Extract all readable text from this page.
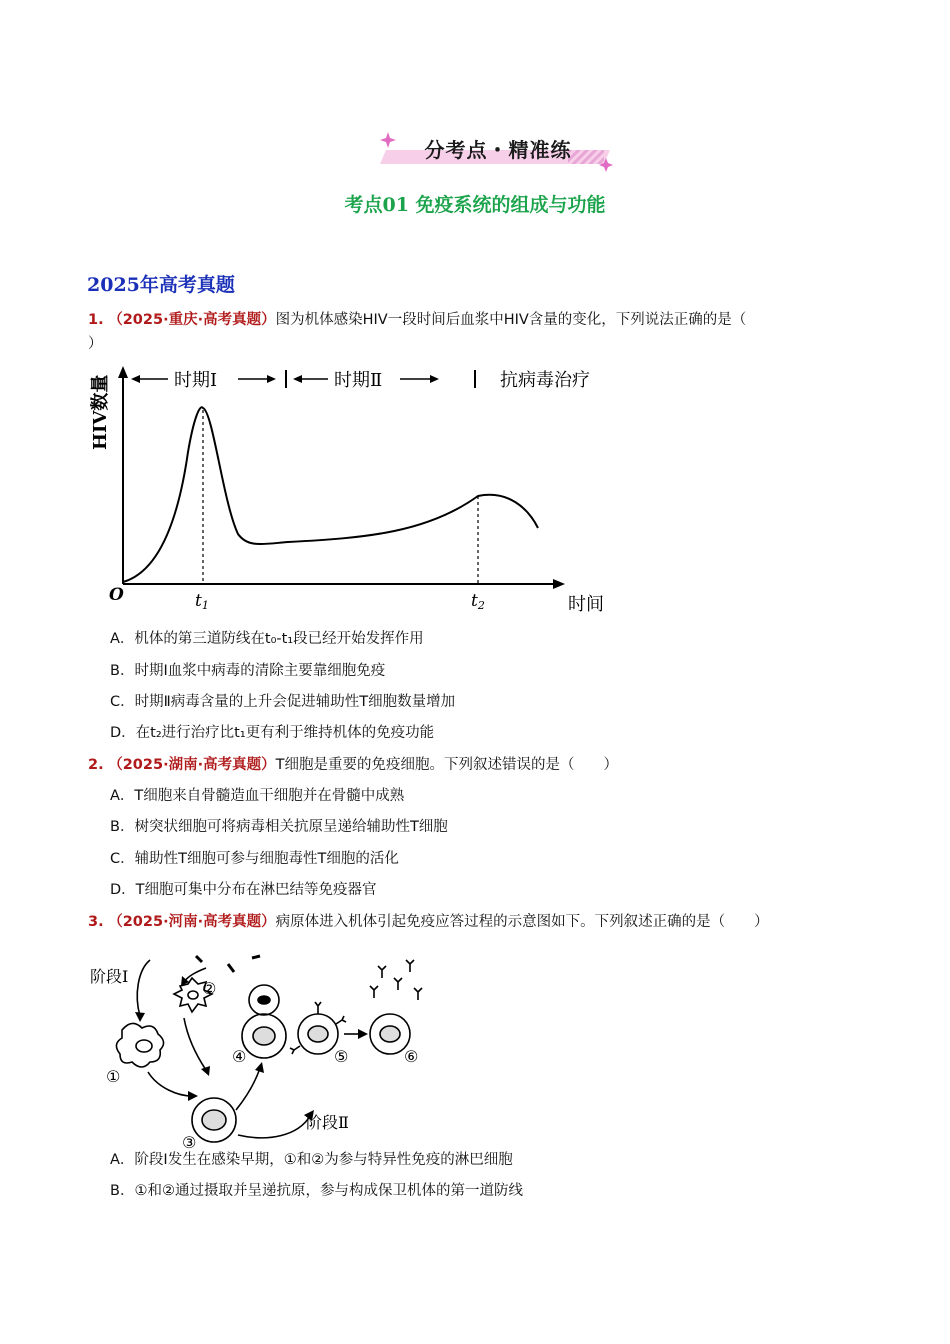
分考点・精准练
考点01 免疫系统的组成与功能
2025年高考真题
1. （2025·重庆·高考真题）图为机体感染HIV一段时间后血浆中HIV含量的变化，下列说法正确的是（
）
时期Ⅰ	时期Ⅱ	抗病毒治疗
HIV数量
O	t1	t2	时间
A．机体的第三道防线在t₀-t₁段已经开始发挥作用
B．时期Ⅰ血浆中病毒的清除主要靠细胞免疫
C．时期Ⅱ病毒含量的上升会促进辅助性T细胞数量增加
D．在t₂进行治疗比t₁更有利于维持机体的免疫功能
2. （2025·湖南·高考真题）T细胞是重要的免疫细胞。下列叙述错误的是（　　）
A．T细胞来自骨髓造血干细胞并在骨髓中成熟
B．树突状细胞可将病毒相关抗原呈递给辅助性T细胞
C．辅助性T细胞可参与细胞毒性T细胞的活化
D．T细胞可集中分布在淋巴结等免疫器官
3. （2025·河南·高考真题）病原体进入机体引起免疫应答过程的示意图如下。下列叙述正确的是（　　）
阶段Ⅰ
阶段Ⅱ
①
②
③
④	⑤	⑥
A．阶段Ⅰ发生在感染早期，①和②为参与特异性免疫的淋巴细胞
B．①和②通过摄取并呈递抗原，参与构成保卫机体的第一道防线
